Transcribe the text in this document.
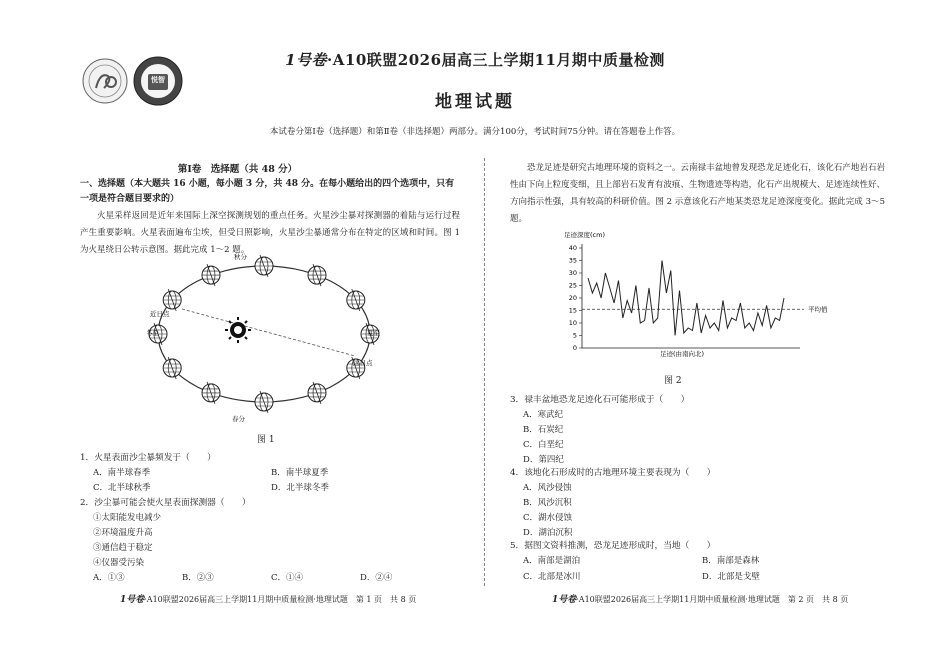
悦智
1号卷·A10联盟2026届高三上学期11月期中质量检测
地理试题
本试卷分第Ⅰ卷（选择题）和第Ⅱ卷（非选择题）两部分。满分100分，考试时间75分钟。请在答题卷上作答。
第Ⅰ卷　选择题（共 48 分）
一、选择题（本大题共 16 小题，每小题 3 分，共 48 分。在每小题给出的四个选项中，只有一项是符合题目要求的）
火星采样返回是近年来国际上深空探测规划的重点任务。火星沙尘暴对探测器的着陆与运行过程产生重要影响。火星表面遍布尘埃，但受日照影响，火星沙尘暴通常分布在特定的区域和时间。图 1 为火星绕日公转示意图。据此完成 1～2 题。
秋分
春分
近日点
冬至	夏至
远日点
图 1
1．火星表面沙尘暴频发于（　　）
A．南半球春季	B．南半球夏季
C．北半球秋季	D．北半球冬季
2．沙尘暴可能会使火星表面探测器（　　）
①太阳能发电减少
②环境温度升高
③通信趋于稳定
④仪器受污染
A．①③	B．②③	C．①④	D．②④
1号卷·A10联盟2026届高三上学期11月期中质量检测·地理试题　第 1 页　共 8 页
恐龙足迹是研究古地理环境的资料之一。云南禄丰盆地曾发现恐龙足迹化石，该化石产地岩石岩性由下向上粒度变细，且上部岩石发育有波痕、生物遗迹等构造，化石产出规模大、足迹连续性好、方向指示性强，具有较高的科研价值。图 2 示意该化石产地某类恐龙足迹深度变化。据此完成 3～5 题。
足迹深度(cm)
足迹(由南向北)
0
5
10
15
20
25
30
35
40
平均值
图 2
3．禄丰盆地恐龙足迹化石可能形成于（　　）
A．寒武纪
B．石炭纪
C．白垩纪
D．第四纪
4．该地化石形成时的古地理环境主要表现为（　　）
A．风沙侵蚀
B．风沙沉积
C．湖水侵蚀
D．湖泊沉积
5．据图文资料推测，恐龙足迹形成时，当地（　　）
A．南部是湖泊	B．南部是森林
C．北部是冰川	D．北部是戈壁
1号卷·A10联盟2026届高三上学期11月期中质量检测·地理试题　第 2 页　共 8 页
